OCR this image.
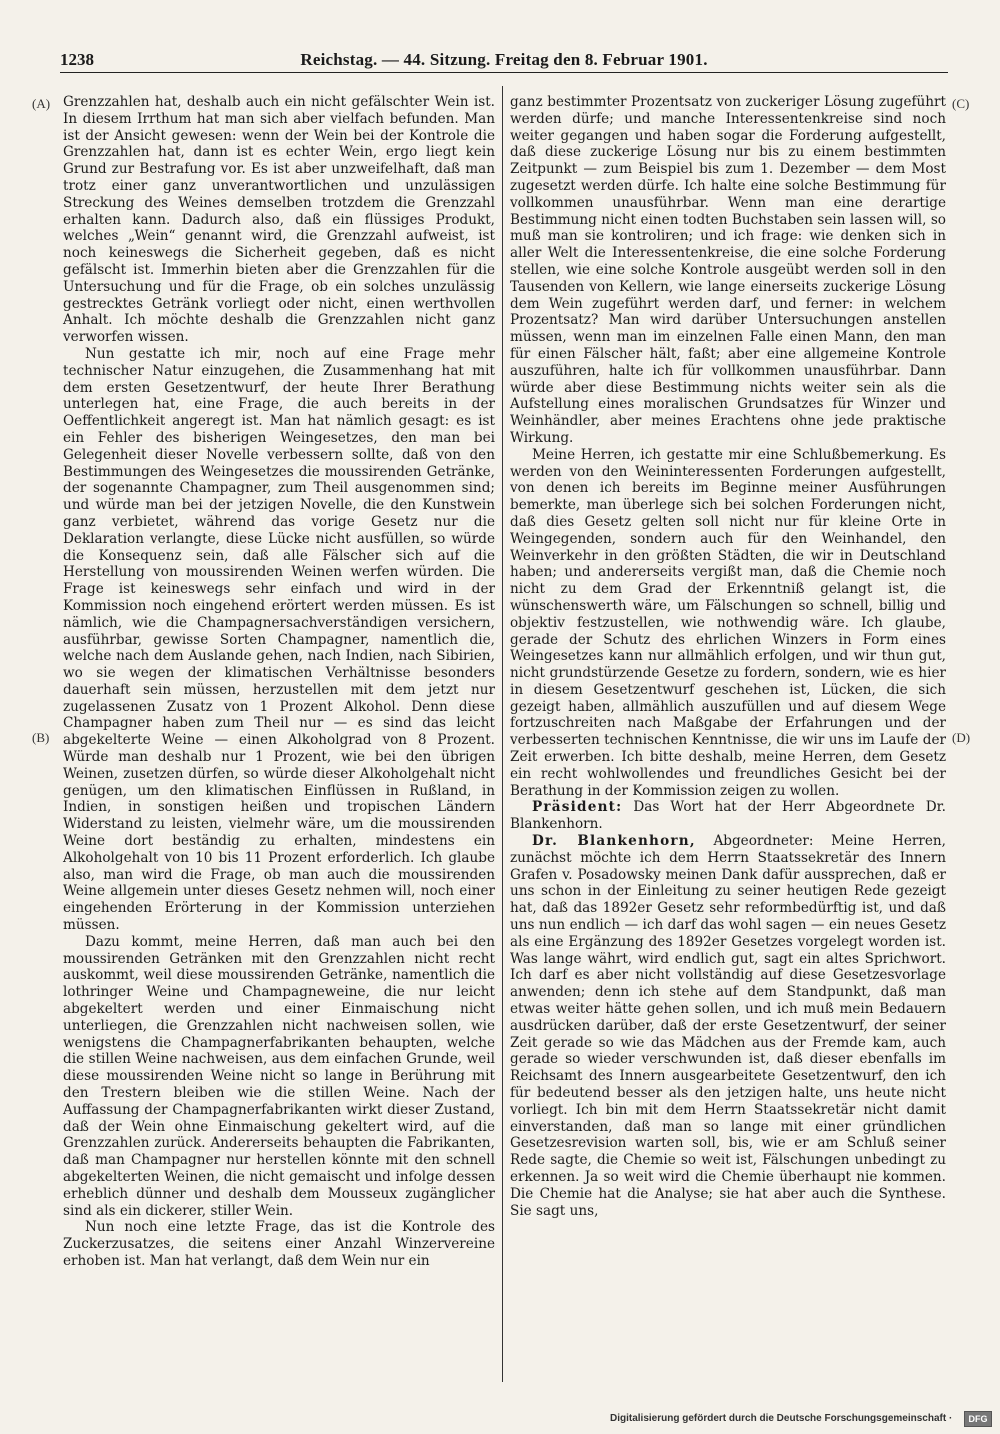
1238	Reichstag. — 44. Sitzung. Freitag den 8. Februar 1901.
(A)
(B)
(C)
(D)

Grenzzahlen hat, deshalb auch ein nicht gefälschter Wein ist. In diesem Irrthum hat man sich aber vielfach befunden. Man ist der Ansicht gewesen: wenn der Wein bei der Kontrole die Grenzzahlen hat, dann ist es echter Wein, ergo liegt kein Grund zur Bestrafung vor. Es ist aber unzweifelhaft, daß man trotz einer ganz unverantwortlichen und unzulässigen Streckung des Weines demselben trotzdem die Grenzzahl erhalten kann. Dadurch also, daß ein flüssiges Produkt, welches „Wein“ genannt wird, die Grenzzahl aufweist, ist noch keineswegs die Sicherheit gegeben, daß es nicht gefälscht ist. Immerhin bieten aber die Grenzzahlen für die Untersuchung und für die Frage, ob ein solches unzulässig gestrecktes Getränk vorliegt oder nicht, einen werthvollen Anhalt. Ich möchte deshalb die Grenzzahlen nicht ganz verworfen wissen.

Nun gestatte ich mir, noch auf eine Frage mehr technischer Natur einzugehen, die Zusammenhang hat mit dem ersten Gesetzentwurf, der heute Ihrer Berathung unterlegen hat, eine Frage, die auch bereits in der Oeffentlichkeit angeregt ist. Man hat nämlich gesagt: es ist ein Fehler des bisherigen Weingesetzes, den man bei Gelegenheit dieser Novelle verbessern sollte, daß von den Bestimmungen des Weingesetzes die moussirenden Getränke, der sogenannte Champagner, zum Theil ausgenommen sind; und würde man bei der jetzigen Novelle, die den Kunstwein ganz verbietet, während das vorige Gesetz nur die Deklaration verlangte, diese Lücke nicht ausfüllen, so würde die Konsequenz sein, daß alle Fälscher sich auf die Herstellung von moussirenden Weinen werfen würden. Die Frage ist keineswegs sehr einfach und wird in der Kommission noch eingehend erörtert werden müssen. Es ist nämlich, wie die Champagnersachverständigen versichern, ausführbar, gewisse Sorten Champagner, namentlich die, welche nach dem Auslande gehen, nach Indien, nach Sibirien, wo sie wegen der klimatischen Verhältnisse besonders dauerhaft sein müssen, herzustellen mit dem jetzt nur zugelassenen Zusatz von 1 Prozent Alkohol. Denn diese Champagner haben zum Theil nur — es sind das leicht abgekelterte Weine — einen Alkoholgrad von 8 Prozent. Würde man deshalb nur 1 Prozent, wie bei den übrigen Weinen, zusetzen dürfen, so würde dieser Alkoholgehalt nicht genügen, um den klimatischen Einflüssen in Rußland, in Indien, in sonstigen heißen und tropischen Ländern Widerstand zu leisten, vielmehr wäre, um die moussirenden Weine dort beständig zu erhalten, mindestens ein Alkoholgehalt von 10 bis 11 Prozent erforderlich. Ich glaube also, man wird die Frage, ob man auch die moussirenden Weine allgemein unter dieses Gesetz nehmen will, noch einer eingehenden Erörterung in der Kommission unterziehen müssen.

Dazu kommt, meine Herren, daß man auch bei den moussirenden Getränken mit den Grenzzahlen nicht recht auskommt, weil diese moussirenden Getränke, namentlich die lothringer Weine und Champagneweine, die nur leicht abgekeltert werden und einer Einmaischung nicht unterliegen, die Grenzzahlen nicht nachweisen sollen, wie wenigstens die Champagnerfabrikanten behaupten, welche die stillen Weine nachweisen, aus dem einfachen Grunde, weil diese moussirenden Weine nicht so lange in Berührung mit den Trestern bleiben wie die stillen Weine. Nach der Auffassung der Champagnerfabrikanten wirkt dieser Zustand, daß der Wein ohne Einmaischung gekeltert wird, auf die Grenzzahlen zurück. Andererseits behaupten die Fabrikanten, daß man Champagner nur herstellen könnte mit den schnell abgekelterten Weinen, die nicht gemaischt und infolge dessen erheblich dünner und deshalb dem Mousseux zugänglicher sind als ein dickerer, stiller Wein.

Nun noch eine letzte Frage, das ist die Kontrole des Zuckerzusatzes, die seitens einer Anzahl Winzervereine erhoben ist. Man hat verlangt, daß dem Wein nur ein

ganz bestimmter Prozentsatz von zuckeriger Lösung zugeführt werden dürfe; und manche Interessentenkreise sind noch weiter gegangen und haben sogar die Forderung aufgestellt, daß diese zuckerige Lösung nur bis zu einem bestimmten Zeitpunkt — zum Beispiel bis zum 1. Dezember — dem Most zugesetzt werden dürfe. Ich halte eine solche Bestimmung für vollkommen unausführbar. Wenn man eine derartige Bestimmung nicht einen todten Buchstaben sein lassen will, so muß man sie kontroliren; und ich frage: wie denken sich in aller Welt die Interessentenkreise, die eine solche Forderung stellen, wie eine solche Kontrole ausgeübt werden soll in den Tausenden von Kellern, wie lange einerseits zuckerige Lösung dem Wein zugeführt werden darf, und ferner: in welchem Prozentsatz? Man wird darüber Untersuchungen anstellen müssen, wenn man im einzelnen Falle einen Mann, den man für einen Fälscher hält, faßt; aber eine allgemeine Kontrole auszuführen, halte ich für vollkommen unausführbar. Dann würde aber diese Bestimmung nichts weiter sein als die Aufstellung eines moralischen Grundsatzes für Winzer und Weinhändler, aber meines Erachtens ohne jede praktische Wirkung.

Meine Herren, ich gestatte mir eine Schlußbemerkung. Es werden von den Weininteressenten Forderungen aufgestellt, von denen ich bereits im Beginne meiner Ausführungen bemerkte, man überlege sich bei solchen Forderungen nicht, daß dies Gesetz gelten soll nicht nur für kleine Orte in Weingegenden, sondern auch für den Weinhandel, den Weinverkehr in den größten Städten, die wir in Deutschland haben; und andererseits vergißt man, daß die Chemie noch nicht zu dem Grad der Erkenntniß gelangt ist, die wünschenswerth wäre, um Fälschungen so schnell, billig und objektiv festzustellen, wie nothwendig wäre. Ich glaube, gerade der Schutz des ehrlichen Winzers in Form eines Weingesetzes kann nur allmählich erfolgen, und wir thun gut, nicht grundstürzende Gesetze zu fordern, sondern, wie es hier in diesem Gesetzentwurf geschehen ist, Lücken, die sich gezeigt haben, allmählich auszufüllen und auf diesem Wege fortzuschreiten nach Maßgabe der Erfahrungen und der verbesserten technischen Kenntnisse, die wir uns im Laufe der Zeit erwerben. Ich bitte deshalb, meine Herren, dem Gesetz ein recht wohlwollendes und freundliches Gesicht bei der Berathung in der Kommission zeigen zu wollen.

Präsident: Das Wort hat der Herr Abgeordnete Dr. Blankenhorn.

Dr. Blankenhorn, Abgeordneter: Meine Herren, zunächst möchte ich dem Herrn Staatssekretär des Innern Grafen v. Posadowsky meinen Dank dafür aussprechen, daß er uns schon in der Einleitung zu seiner heutigen Rede gezeigt hat, daß das 1892er Gesetz sehr reformbedürftig ist, und daß uns nun endlich — ich darf das wohl sagen — ein neues Gesetz als eine Ergänzung des 1892er Gesetzes vorgelegt worden ist. Was lange währt, wird endlich gut, sagt ein altes Sprichwort. Ich darf es aber nicht vollständig auf diese Gesetzesvorlage anwenden; denn ich stehe auf dem Standpunkt, daß man etwas weiter hätte gehen sollen, und ich muß mein Bedauern ausdrücken darüber, daß der erste Gesetzentwurf, der seiner Zeit gerade so wie das Mädchen aus der Fremde kam, auch gerade so wieder verschwunden ist, daß dieser ebenfalls im Reichsamt des Innern ausgearbeitete Gesetzentwurf, den ich für bedeutend besser als den jetzigen halte, uns heute nicht vorliegt. Ich bin mit dem Herrn Staatssekretär nicht damit einverstanden, daß man so lange mit einer gründlichen Gesetzesrevision warten soll, bis, wie er am Schluß seiner Rede sagte, die Chemie so weit ist, Fälschungen unbedingt zu erkennen. Ja so weit wird die Chemie überhaupt nie kommen. Die Chemie hat die Analyse; sie hat aber auch die Synthese. Sie sagt uns,

Digitalisierung gefördert durch die Deutsche Forschungsgemeinschaft ·	DFG
